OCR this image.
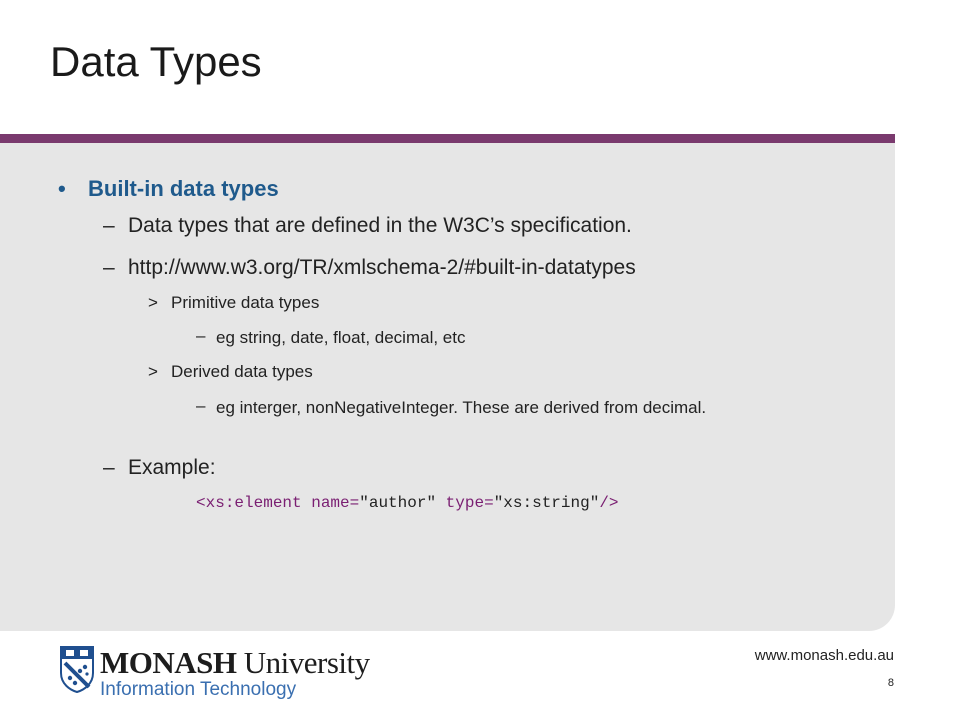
Data Types
• Built-in data types
– Data types that are defined in the W3C’s specification.
– http://www.w3.org/TR/xmlschema-2/#built-in-datatypes
> Primitive data types
– eg string, date, float, decimal, etc
> Derived data types
– eg interger, nonNegativeInteger. These are derived from decimal.
– Example:
<xs:element name="author" type="xs:string"/>
MONASH University
Information Technology
www.monash.edu.au
8
